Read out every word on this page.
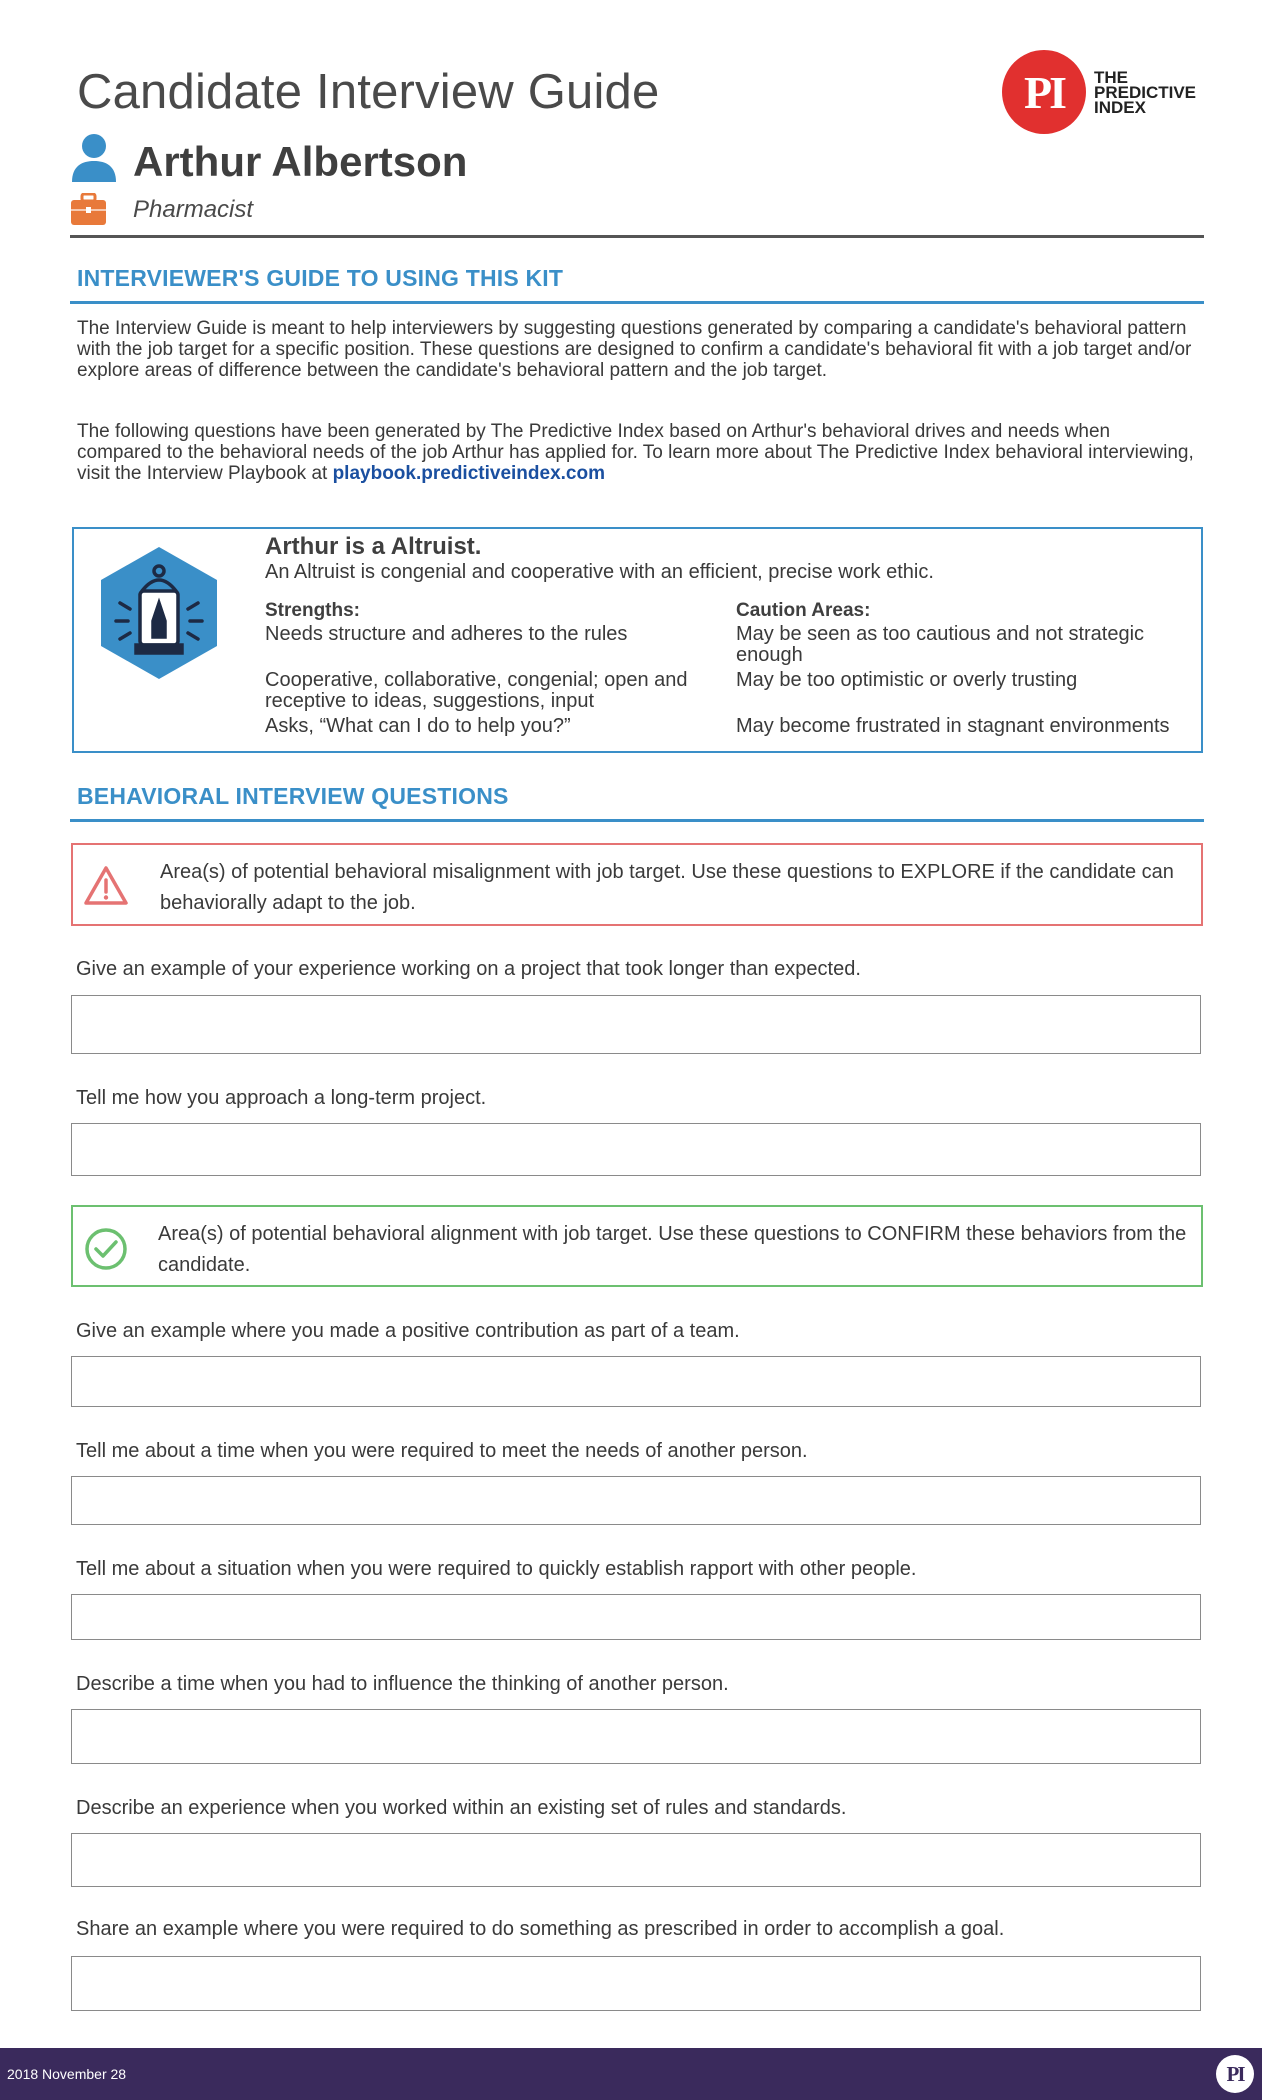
Candidate Interview Guide	PI	THE
PREDICTIVE
INDEX
Arthur Albertson
Pharmacist
INTERVIEWER'S GUIDE TO USING THIS KIT

The Interview Guide is meant to help interviewers by suggesting questions generated by comparing a candidate's behavioral pattern with the job target for a specific position. These questions are designed to confirm a candidate's behavioral fit with a job target and/or explore areas of difference between the candidate's behavioral pattern and the job target.

The following questions have been generated by The Predictive Index based on Arthur's behavioral drives and needs when compared to the behavioral needs of the job Arthur has applied for. To learn more about The Predictive Index behavioral interviewing, visit the Interview Playbook at playbook.predictiveindex.com

Arthur is a Altruist.
An Altruist is congenial and cooperative with an efficient, precise work ethic.
Strengths:
Needs structure and adheres to the rules
Cooperative, collaborative, congenial; open and receptive to ideas, suggestions, input
Asks, “What can I do to help you?”
Caution Areas:
May be seen as too cautious and not strategic enough
May be too optimistic or overly trusting
May become frustrated in stagnant environments
BEHAVIORAL INTERVIEW QUESTIONS
Area(s) of potential behavioral misalignment with job target. Use these questions to EXPLORE if the candidate can behaviorally adapt to the job.
Give an example of your experience working on a project that took longer than expected.
Tell me how you approach a long-term project.
Area(s) of potential behavioral alignment with job target. Use these questions to CONFIRM these behaviors from the candidate.
Give an example where you made a positive contribution as part of a team.
Tell me about a time when you were required to meet the needs of another person.
Tell me about a situation when you were required to quickly establish rapport with other people.
Describe a time when you had to influence the thinking of another person.
Describe an experience when you worked within an existing set of rules and standards.
Share an example where you were required to do something as prescribed in order to accomplish a goal.
2018 November 28	PI
